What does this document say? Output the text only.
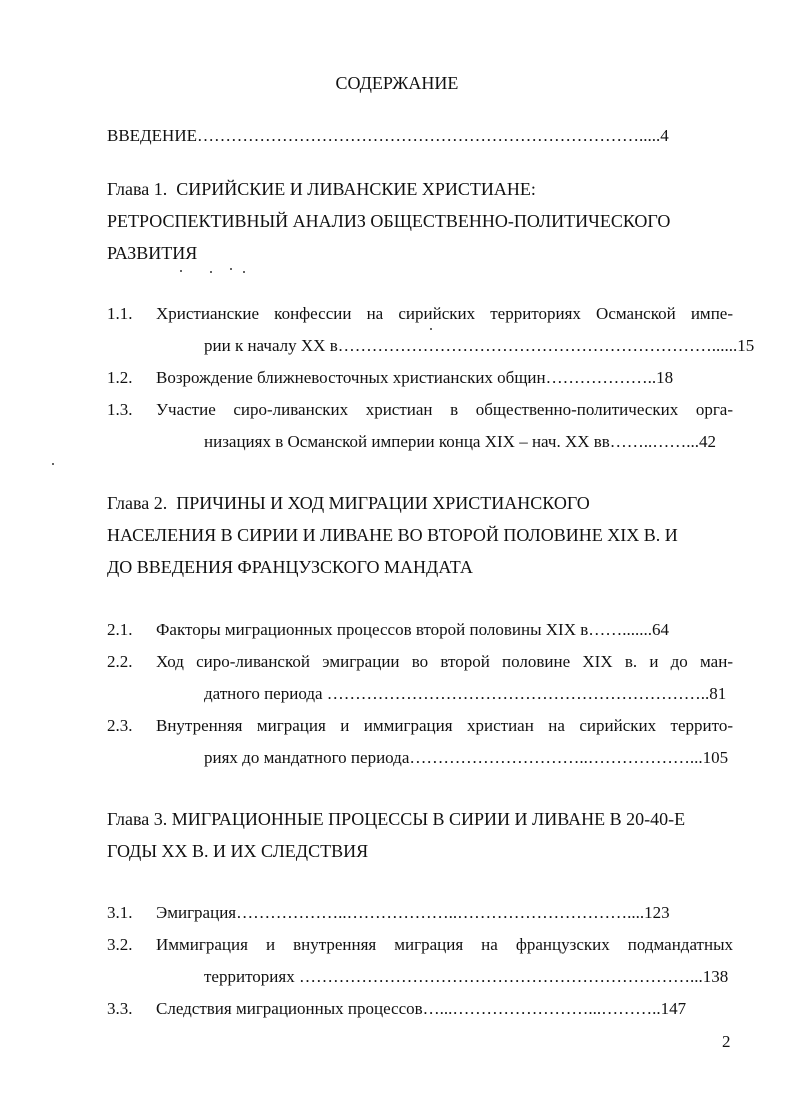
СОДЕРЖАНИЕ
ВВЕДЕНИЕ…………………………………………………………………….....4
Глава 1.  СИРИЙСКИЕ И ЛИВАНСКИЕ ХРИСТИАНЕ:
РЕТРОСПЕКТИВНЫЙ АНАЛИЗ ОБЩЕСТВЕННО-ПОЛИТИЧЕСКОГО
РАЗВИТИЯ
1.1. Христианские конфессии на сирийских территориях Османской импе-
рии к началу XX в…………………………………………………………......15
1.2. Возрождение ближневосточных христианских общин………………..18
1.3. Участие сиро-ливанских христиан в общественно-политических орга-
низациях в Османской империи конца XIX – нач. XX вв……..……...42
Глава 2.  ПРИЧИНЫ И ХОД МИГРАЦИИ ХРИСТИАНСКОГО
НАСЕЛЕНИЯ В СИРИИ И ЛИВАНЕ ВО ВТОРОЙ ПОЛОВИНЕ XIX В. И
ДО ВВЕДЕНИЯ ФРАНЦУЗСКОГО МАНДАТА
2.1. Факторы миграционных процессов второй половины XIX в…….......64
2.2. Ход сиро-ливанской эмиграции во второй половине XIX в. и до ман-
датного периода …………………………………………………………..81
2.3. Внутренняя миграция и иммиграция христиан на сирийских террито-
риях до мандатного периода…………………………..………………...105
Глава 3. МИГРАЦИОННЫЕ ПРОЦЕССЫ В СИРИИ И ЛИВАНЕ В 20-40-Е
ГОДЫ XX В. И ИХ СЛЕДСТВИЯ
3.1. Эмиграция………………..………………..…………………………....123
3.2. Иммиграция и внутренняя миграция на французских подмандатных
территориях ……………………………………………………………...138
3.3. Следствия миграционных процессов…...……………………...………..147
2
